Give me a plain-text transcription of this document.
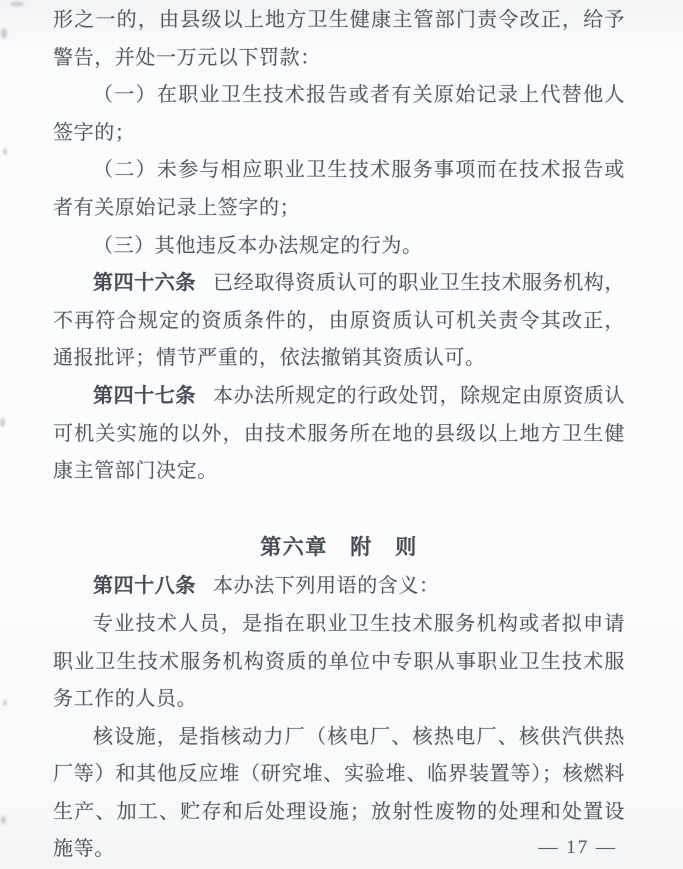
形之一的，由县级以上地方卫生健康主管部门责令改正，给予警告，并处一万元以下罚款：

（一）在职业卫生技术报告或者有关原始记录上代替他人签字的；

（二）未参与相应职业卫生技术服务事项而在技术报告或者有关原始记录上签字的；

（三）其他违反本办法规定的行为。

第四十六条 已经取得资质认可的职业卫生技术服务机构，不再符合规定的资质条件的，由原资质认可机关责令其改正，通报批评；情节严重的，依法撤销其资质认可。

第四十七条 本办法所规定的行政处罚，除规定由原资质认可机关实施的以外，由技术服务所在地的县级以上地方卫生健康主管部门决定。

第六章　附　则

第四十八条 本办法下列用语的含义：

专业技术人员，是指在职业卫生技术服务机构或者拟申请职业卫生技术服务机构资质的单位中专职从事职业卫生技术服务工作的人员。

核设施，是指核动力厂（核电厂、核热电厂、核供汽供热厂等）和其他反应堆（研究堆、实验堆、临界装置等）；核燃料生产、加工、贮存和后处理设施；放射性废物的处理和处置设施等。	— 17 —
